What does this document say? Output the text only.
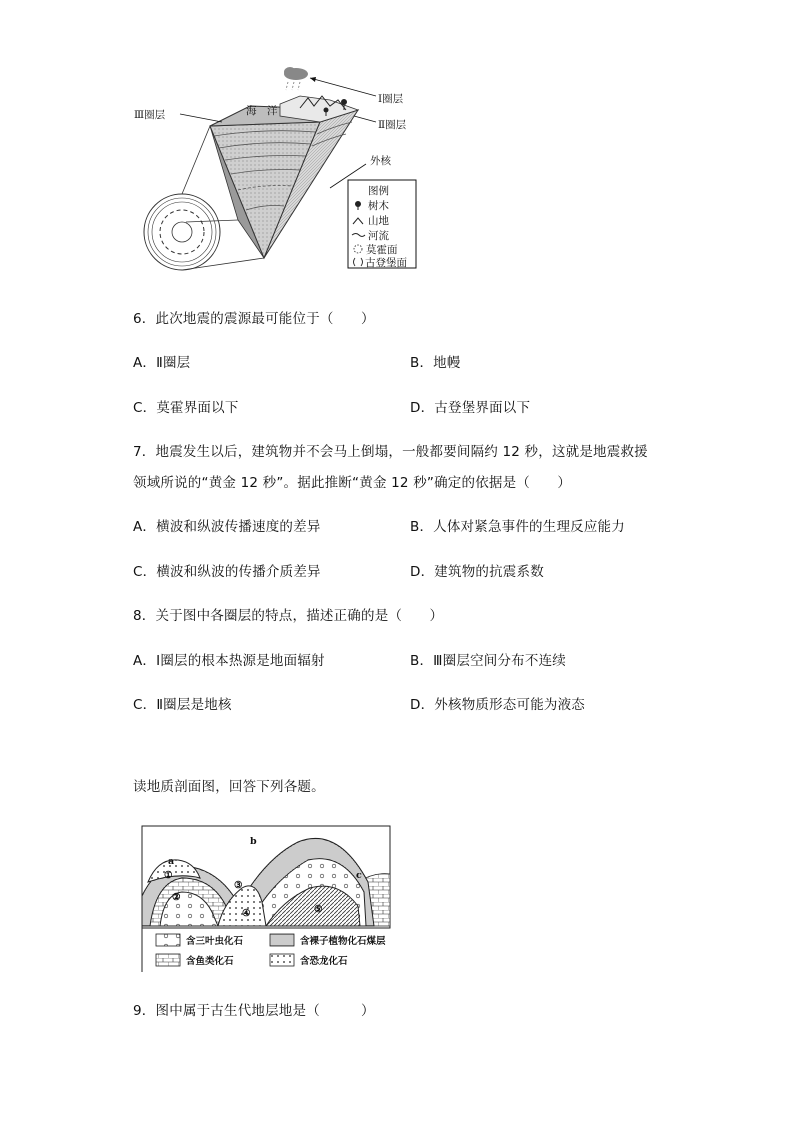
海　洋
Ⅰ圈层
Ⅱ圈层
Ⅲ圈层
外核
图例
树木
山地
河流
莫霍面
古登堡面
6．此次地震的震源最可能位于（　　）
A．Ⅱ圈层	B．地幔
C．莫霍界面以下	D．古登堡界面以下
7．地震发生以后，建筑物并不会马上倒塌，一般都要间隔约 12 秒，这就是地震救援
领域所说的“黄金 12 秒”。据此推断“黄金 12 秒”确定的依据是（　　）
A．横波和纵波传播速度的差异	B．人体对紧急事件的生理反应能力
C．横波和纵波的传播介质差异	D．建筑物的抗震系数
8．关于图中各圈层的特点，描述正确的是（　　）
A．Ⅰ圈层的根本热源是地面辐射	B．Ⅲ圈层空间分布不连续
C．Ⅱ圈层是地核	D．外核物质形态可能为液态
读地质剖面图，回答下列各题。
a
b
c
①
②
③
④	⑤
含三叶虫化石	含裸子植物化石煤层
含鱼类化石	含恐龙化石
9．图中属于古生代地层地是（　　　）
